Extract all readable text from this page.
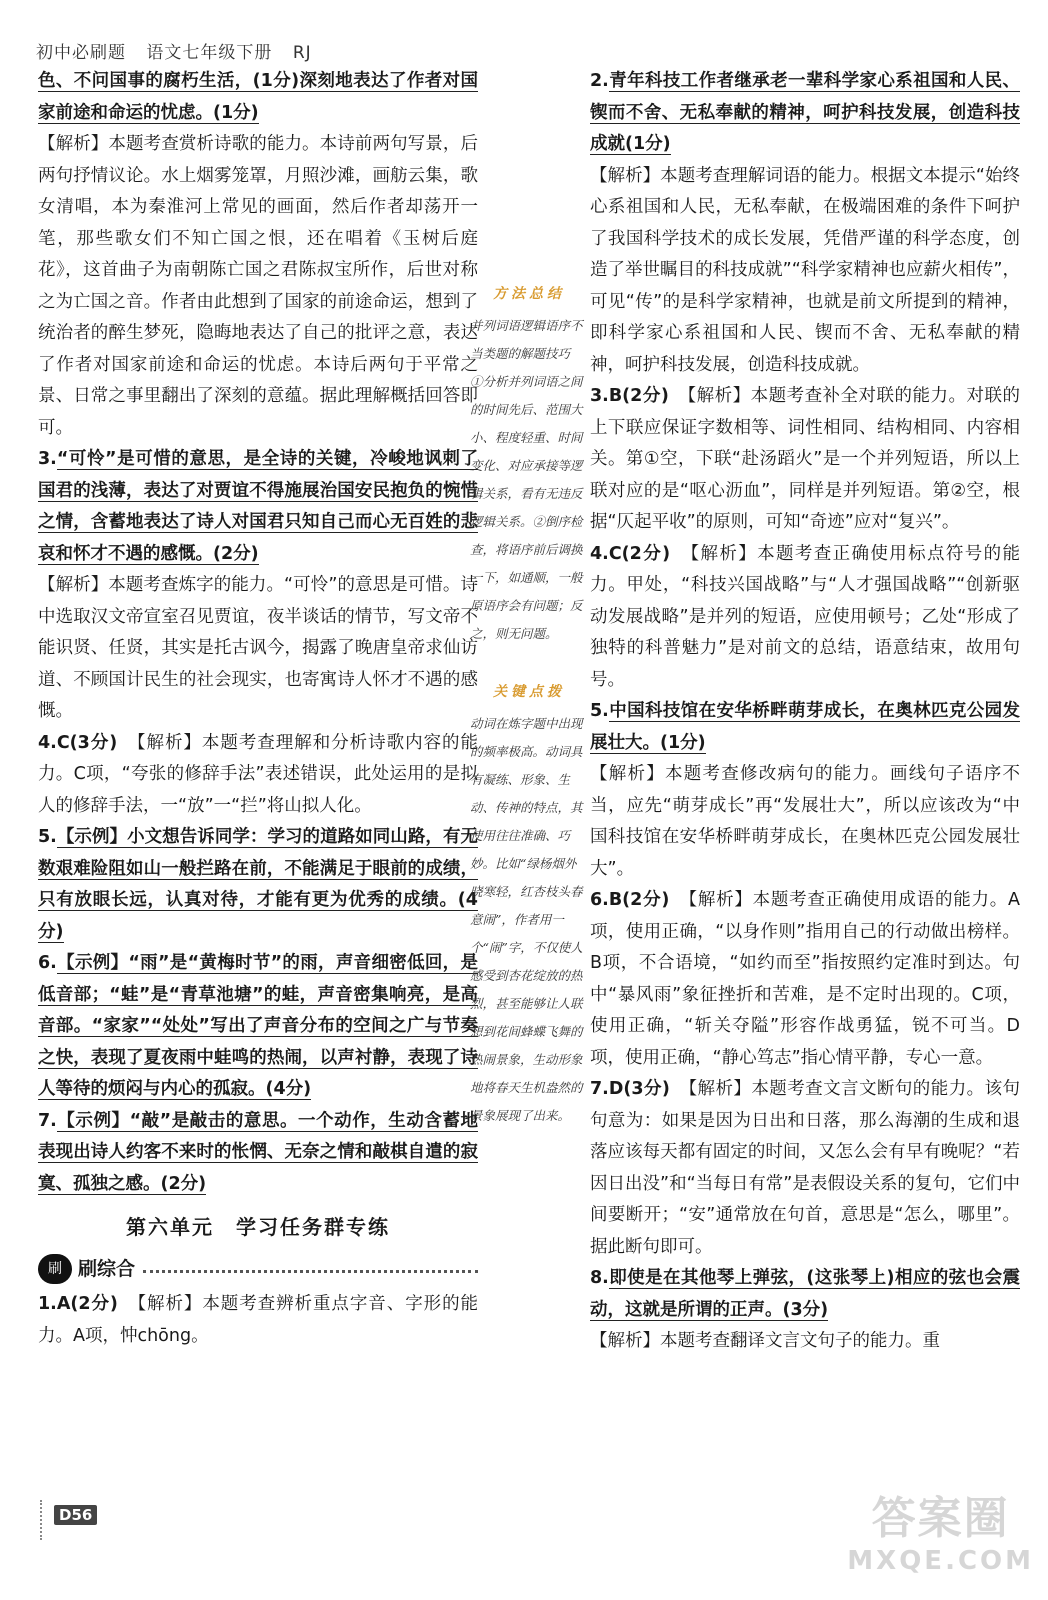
初中必刷题 语文七年级下册 RJ

色、不问国事的腐朽生活，(1分)深刻地表达了作者对国家前途和命运的忧虑。(1分)

【解析】本题考查赏析诗歌的能力。本诗前两句写景，后两句抒情议论。水上烟雾笼罩，月照沙滩，画舫云集，歌女清唱，本为秦淮河上常见的画面，然后作者却荡开一笔，那些歌女们不知亡国之恨，还在唱着《玉树后庭花》，这首曲子为南朝陈亡国之君陈叔宝所作，后世对称之为亡国之音。作者由此想到了国家的前途命运，想到了统治者的醉生梦死，隐晦地表达了自己的批评之意，表达了作者对国家前途和命运的忧虑。本诗后两句于平常之景、日常之事里翻出了深刻的意蕴。据此理解概括回答即可。

3.“可怜”是可惜的意思，是全诗的关键，冷峻地讽刺了国君的浅薄，表达了对贾谊不得施展治国安民抱负的惋惜之情，含蓄地表达了诗人对国君只知自己而心无百姓的悲哀和怀才不遇的感慨。(2分)

【解析】本题考查炼字的能力。“可怜”的意思是可惜。诗中选取汉文帝宣室召见贾谊，夜半谈话的情节，写文帝不能识贤、任贤，其实是托古讽今，揭露了晚唐皇帝求仙访道、不顾国计民生的社会现实，也寄寓诗人怀才不遇的感慨。

4.C(3分)　 【解析】本题考查理解和分析诗歌内容的能力。C项，“夸张的修辞手法”表述错误，此处运用的是拟人的修辞手法，一“放”一“拦”将山拟人化。

5.【示例】小文想告诉同学：学习的道路如同山路，有无数艰难险阻如山一般拦路在前，不能满足于眼前的成绩，只有放眼长远，认真对待，才能有更为优秀的成绩。(4分)

6.【示例】“雨”是“黄梅时节”的雨，声音细密低回，是低音部；“蛙”是“青草池塘”的蛙，声音密集响亮，是高音部。“家家”“处处”写出了声音分布的空间之广与节奏之快，表现了夏夜雨中蛙鸣的热闹，以声衬静，表现了诗人等待的烦闷与内心的孤寂。(4分)

7.【示例】“敲”是敲击的意思。一个动作，生动含蓄地表现出诗人约客不来时的怅惘、无奈之情和敲棋自遣的寂寞、孤独之感。(2分)

第六单元　学习任务群专练
刷 刷综合

1.A(2分)　 【解析】本题考查辨析重点字音、字形的能力。A项，忡chōng。

方法总结

并列词语逻辑语序不当类题的解题技巧　①分析并列词语之间的时间先后、范围大小、程度轻重、时间变化、对应承接等逻辑关系，看有无违反逻辑关系。②倒序检查，将语序前后调换一下，如通顺，一般原语序会有问题；反之，则无问题。

关键点拨

动词在炼字题中出现的频率极高。动词具有凝练、形象、生动、传神的特点，其使用往往准确、巧妙。比如“绿杨烟外晓寒轻，红杏枝头春意闹”，作者用一个“闹”字，不仅使人感受到杏花绽放的热烈，甚至能够让人联想到花间蜂蝶飞舞的热闹景象，生动形象地将春天生机盎然的景象展现了出来。

2.青年科技工作者继承老一辈科学家心系祖国和人民、锲而不舍、无私奉献的精神，呵护科技发展，创造科技成就(1分)

【解析】本题考查理解词语的能力。根据文本提示“始终心系祖国和人民，无私奉献，在极端困难的条件下呵护了我国科学技术的成长发展，凭借严谨的科学态度，创造了举世瞩目的科技成就”“科学家精神也应薪火相传”，可见“传”的是科学家精神，也就是前文所提到的精神，即科学家心系祖国和人民、锲而不舍、无私奉献的精神，呵护科技发展，创造科技成就。

3.B(2分)　 【解析】本题考查补全对联的能力。对联的上下联应保证字数相等、词性相同、结构相同、内容相关。第①空，下联“赴汤蹈火”是一个并列短语，所以上联对应的是“呕心沥血”，同样是并列短语。第②空，根据“仄起平收”的原则，可知“奇迹”应对“复兴”。

4.C(2分)　 【解析】本题考查正确使用标点符号的能力。甲处，“科技兴国战略”与“人才强国战略”“创新驱动发展战略”是并列的短语，应使用顿号；乙处“形成了独特的科普魅力”是对前文的总结，语意结束，故用句号。

5.中国科技馆在安华桥畔萌芽成长，在奥林匹克公园发展壮大。(1分)

【解析】本题考查修改病句的能力。画线句子语序不当，应先“萌芽成长”再“发展壮大”，所以应该改为“中国科技馆在安华桥畔萌芽成长，在奥林匹克公园发展壮大”。

6.B(2分)　 【解析】本题考查正确使用成语的能力。A项，使用正确，“以身作则”指用自己的行动做出榜样。B项，不合语境，“如约而至”指按照约定准时到达。句中“暴风雨”象征挫折和苦难，是不定时出现的。C项，使用正确，“斩关夺隘”形容作战勇猛，锐不可当。D项，使用正确，“静心笃志”指心情平静，专心一意。

7.D(3分)　 【解析】本题考查文言文断句的能力。该句句意为：如果是因为日出和日落，那么海潮的生成和退落应该每天都有固定的时间，又怎么会有早有晚呢？“若因日出没”和“当每日有常”是表假设关系的复句，它们中间要断开；“安”通常放在句首，意思是“怎么，哪里”。据此断句即可。

8.即使是在其他琴上弹弦，(这张琴上)相应的弦也会震动，这就是所谓的正声。(3分)

【解析】本题考查翻译文言文句子的能力。重

D56	答案圈
MXQE.COM
